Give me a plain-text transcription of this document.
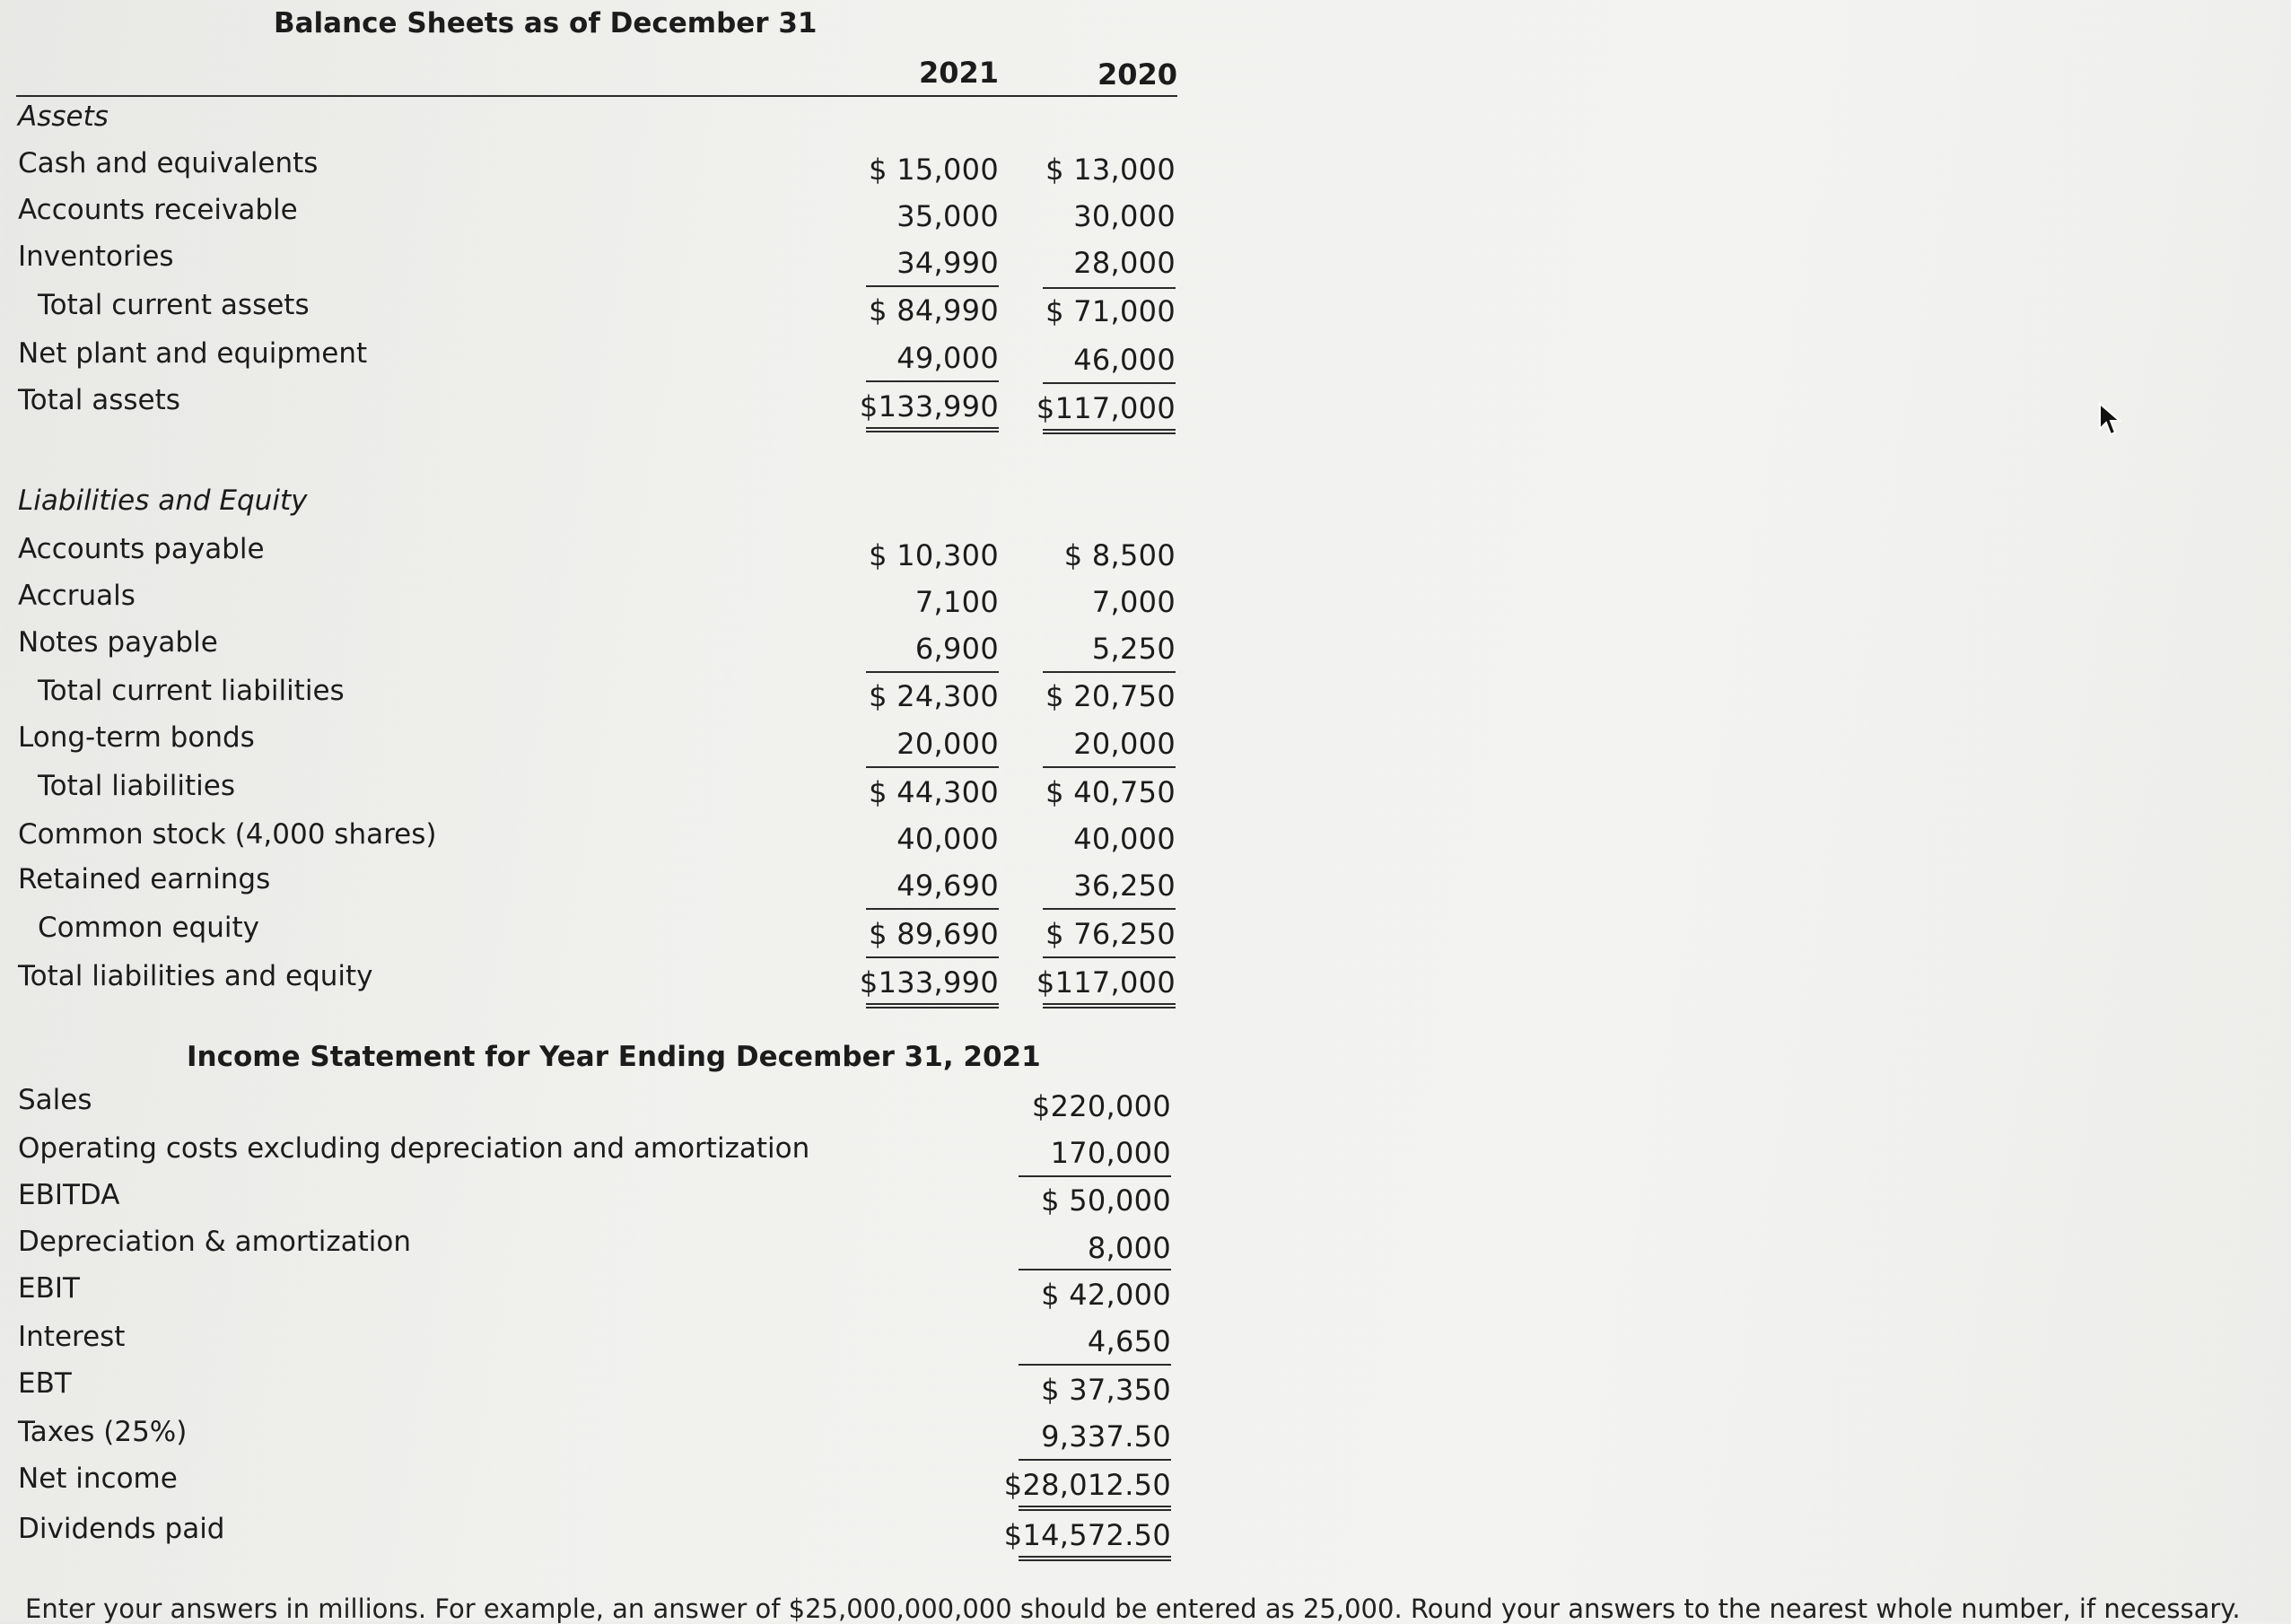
Balance Sheets as of December 31
2021	2020
Assets
Cash and equivalents	$ 15,000	$ 13,000
Accounts receivable	35,000	30,000
Inventories	34,990	28,000
Total current assets	$ 84,990	$ 71,000
Net plant and equipment	49,000	46,000
Total assets	$133,990	$117,000
Liabilities and Equity
Accounts payable	$ 10,300	$ 8,500
Accruals	7,100	7,000
Notes payable	6,900	5,250
Total current liabilities	$ 24,300	$ 20,750
Long-term bonds	20,000	20,000
Total liabilities	$ 44,300	$ 40,750
Common stock (4,000 shares)	40,000	40,000
Retained earnings	49,690	36,250
Common equity	$ 89,690	$ 76,250
Total liabilities and equity	$133,990	$117,000
Income Statement for Year Ending December 31, 2021
Sales	$220,000
Operating costs excluding depreciation and amortization	170,000
EBITDA	$ 50,000
Depreciation & amortization	8,000
EBIT	$ 42,000
Interest	4,650
EBT	$ 37,350
Taxes (25%)	9,337.50
Net income	$28,012.50
Dividends paid	$14,572.50
Enter your answers in millions. For example, an answer of $25,000,000,000 should be entered as 25,000. Round your answers to the nearest whole number, if necessary.
